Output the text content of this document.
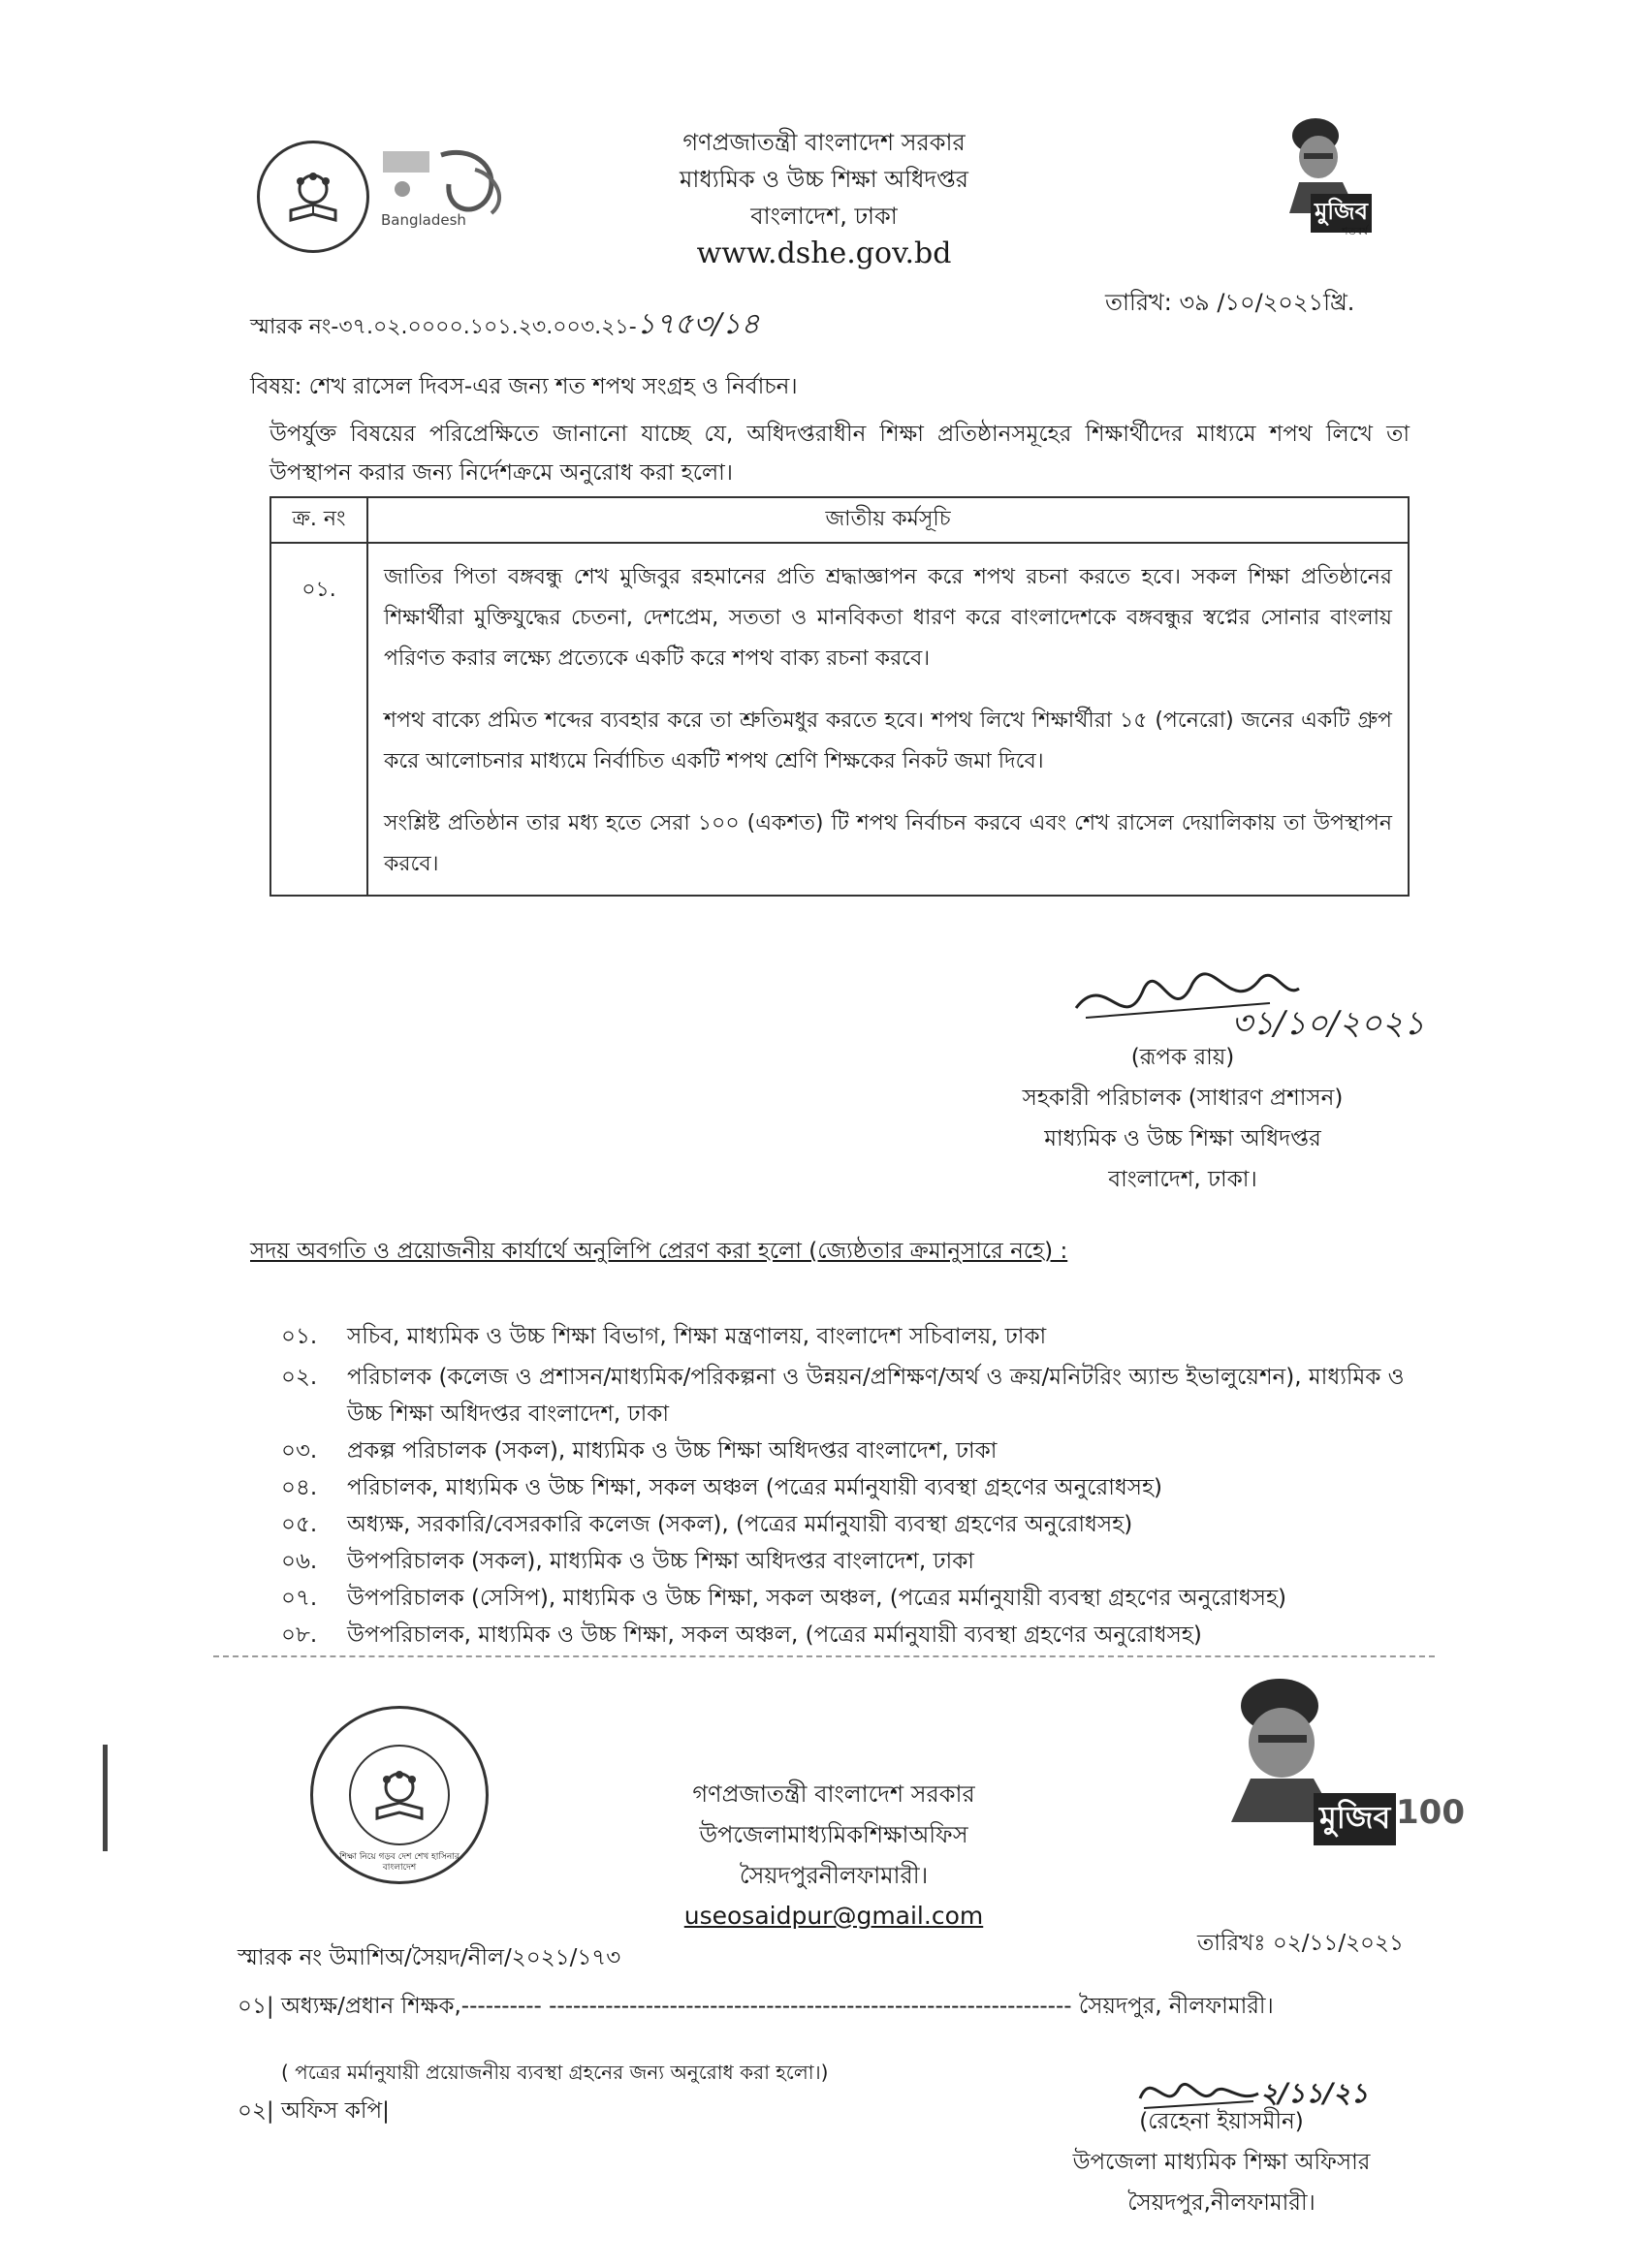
Bangladesh
গণপ্রজাতন্ত্রী বাংলাদেশ সরকার
মাধ্যমিক ও উচ্চ শিক্ষা অধিদপ্তর
বাংলাদেশ, ঢাকা
www.dshe.gov.bd
মুজিব
শতবর্ষ
স্মারক নং-৩৭.০২.০০০০.১০১.২৩.০০৩.২১-১৭৫৩/১৪
তারিখ: ৩৯ /১০/২০২১খ্রি.
বিষয়: শেখ রাসেল দিবস-এর জন্য শত শপথ সংগ্রহ ও নির্বাচন।
উপর্যুক্ত বিষয়ের পরিপ্রেক্ষিতে জানানো যাচ্ছে যে, অধিদপ্তরাধীন শিক্ষা প্রতিষ্ঠানসমূহের শিক্ষার্থীদের মাধ্যমে শপথ লিখে তা উপস্থাপন করার জন্য নির্দেশক্রমে অনুরোধ করা হলো।
ক্র. নং	জাতীয় কর্মসূচি
০১.	জাতির পিতা বঙ্গবন্ধু শেখ মুজিবুর রহমানের প্রতি শ্রদ্ধাজ্ঞাপন করে শপথ রচনা করতে হবে। সকল শিক্ষা প্রতিষ্ঠানের শিক্ষার্থীরা মুক্তিযুদ্ধের চেতনা, দেশপ্রেম, সততা ও মানবিকতা ধারণ করে বাংলাদেশকে বঙ্গবন্ধুর স্বপ্নের সোনার বাংলায় পরিণত করার লক্ষ্যে প্রত্যেকে একটি করে শপথ বাক্য রচনা করবে।

শপথ বাক্যে প্রমিত শব্দের ব্যবহার করে তা শ্রুতিমধুর করতে হবে। শপথ লিখে শিক্ষার্থীরা ১৫ (পনেরো) জনের একটি গ্রুপ করে আলোচনার মাধ্যমে নির্বাচিত একটি শপথ শ্রেণি শিক্ষকের নিকট জমা দিবে।

সংশ্লিষ্ট প্রতিষ্ঠান তার মধ্য হতে সেরা ১০০ (একশত) টি শপথ নির্বাচন করবে এবং শেখ রাসেল দেয়ালিকায় তা উপস্থাপন করবে।

৩১/১০/২০২১
(রূপক রায়)
সহকারী পরিচালক (সাধারণ প্রশাসন)
মাধ্যমিক ও উচ্চ শিক্ষা অধিদপ্তর
বাংলাদেশ, ঢাকা।
সদয় অবগতি ও প্রয়োজনীয় কার্যার্থে অনুলিপি প্রেরণ করা হলো (জ্যেষ্ঠতার ক্রমানুসারে নহে) :
০১.	সচিব, মাধ্যমিক ও উচ্চ শিক্ষা বিভাগ, শিক্ষা মন্ত্রণালয়, বাংলাদেশ সচিবালয়, ঢাকা
০২.	পরিচালক (কলেজ ও প্রশাসন/মাধ্যমিক/পরিকল্পনা ও উন্নয়ন/প্রশিক্ষণ/অর্থ ও ক্রয়/মনিটরিং অ্যান্ড ইভালুয়েশন), মাধ্যমিক ও উচ্চ শিক্ষা অধিদপ্তর বাংলাদেশ, ঢাকা
০৩.	প্রকল্প পরিচালক (সকল), মাধ্যমিক ও উচ্চ শিক্ষা অধিদপ্তর বাংলাদেশ, ঢাকা
০৪.	পরিচালক, মাধ্যমিক ও উচ্চ শিক্ষা, সকল অঞ্চল (পত্রের মর্মানুযায়ী ব্যবস্থা গ্রহণের অনুরোধসহ)
০৫.	অধ্যক্ষ, সরকারি/বেসরকারি কলেজ (সকল), (পত্রের মর্মানুযায়ী ব্যবস্থা গ্রহণের অনুরোধসহ)
০৬.	উপপরিচালক (সকল), মাধ্যমিক ও উচ্চ শিক্ষা অধিদপ্তর বাংলাদেশ, ঢাকা
০৭.	উপপরিচালক (সেসিপ), মাধ্যমিক ও উচ্চ শিক্ষা, সকল অঞ্চল, (পত্রের মর্মানুযায়ী ব্যবস্থা গ্রহণের অনুরোধসহ)
০৮.	উপপরিচালক, মাধ্যমিক ও উচ্চ শিক্ষা, সকল অঞ্চল, (পত্রের মর্মানুযায়ী ব্যবস্থা গ্রহণের অনুরোধসহ)
শিক্ষা নিয়ে গড়ব দেশ শেখ হাসিনার বাংলাদেশ
গণপ্রজাতন্ত্রী বাংলাদেশ সরকার
উপজেলামাধ্যমিকশিক্ষাঅফিস
সৈয়দপুরনীলফামারী।
useosaidpur@gmail.com
মুজিব 100
স্মারক নং উমাশিঅ/সৈয়দ/নীল/২০২১/১৭৩
তারিখঃ ০২/১১/২০২১
০১| অধ্যক্ষ/প্রধান শিক্ষক,---------- ----------------------------------------------------------------- সৈয়দপুর, নীলফামারী।
( পত্রের মর্মানুযায়ী প্রয়োজনীয় ব্যবস্থা গ্রহনের জন্য অনুরোধ করা হলো।)
০২| অফিস কপি|
২/১১/২১
(রেহেনা ইয়াসমীন)
উপজেলা মাধ্যমিক শিক্ষা অফিসার
সৈয়দপুর,নীলফামারী।
